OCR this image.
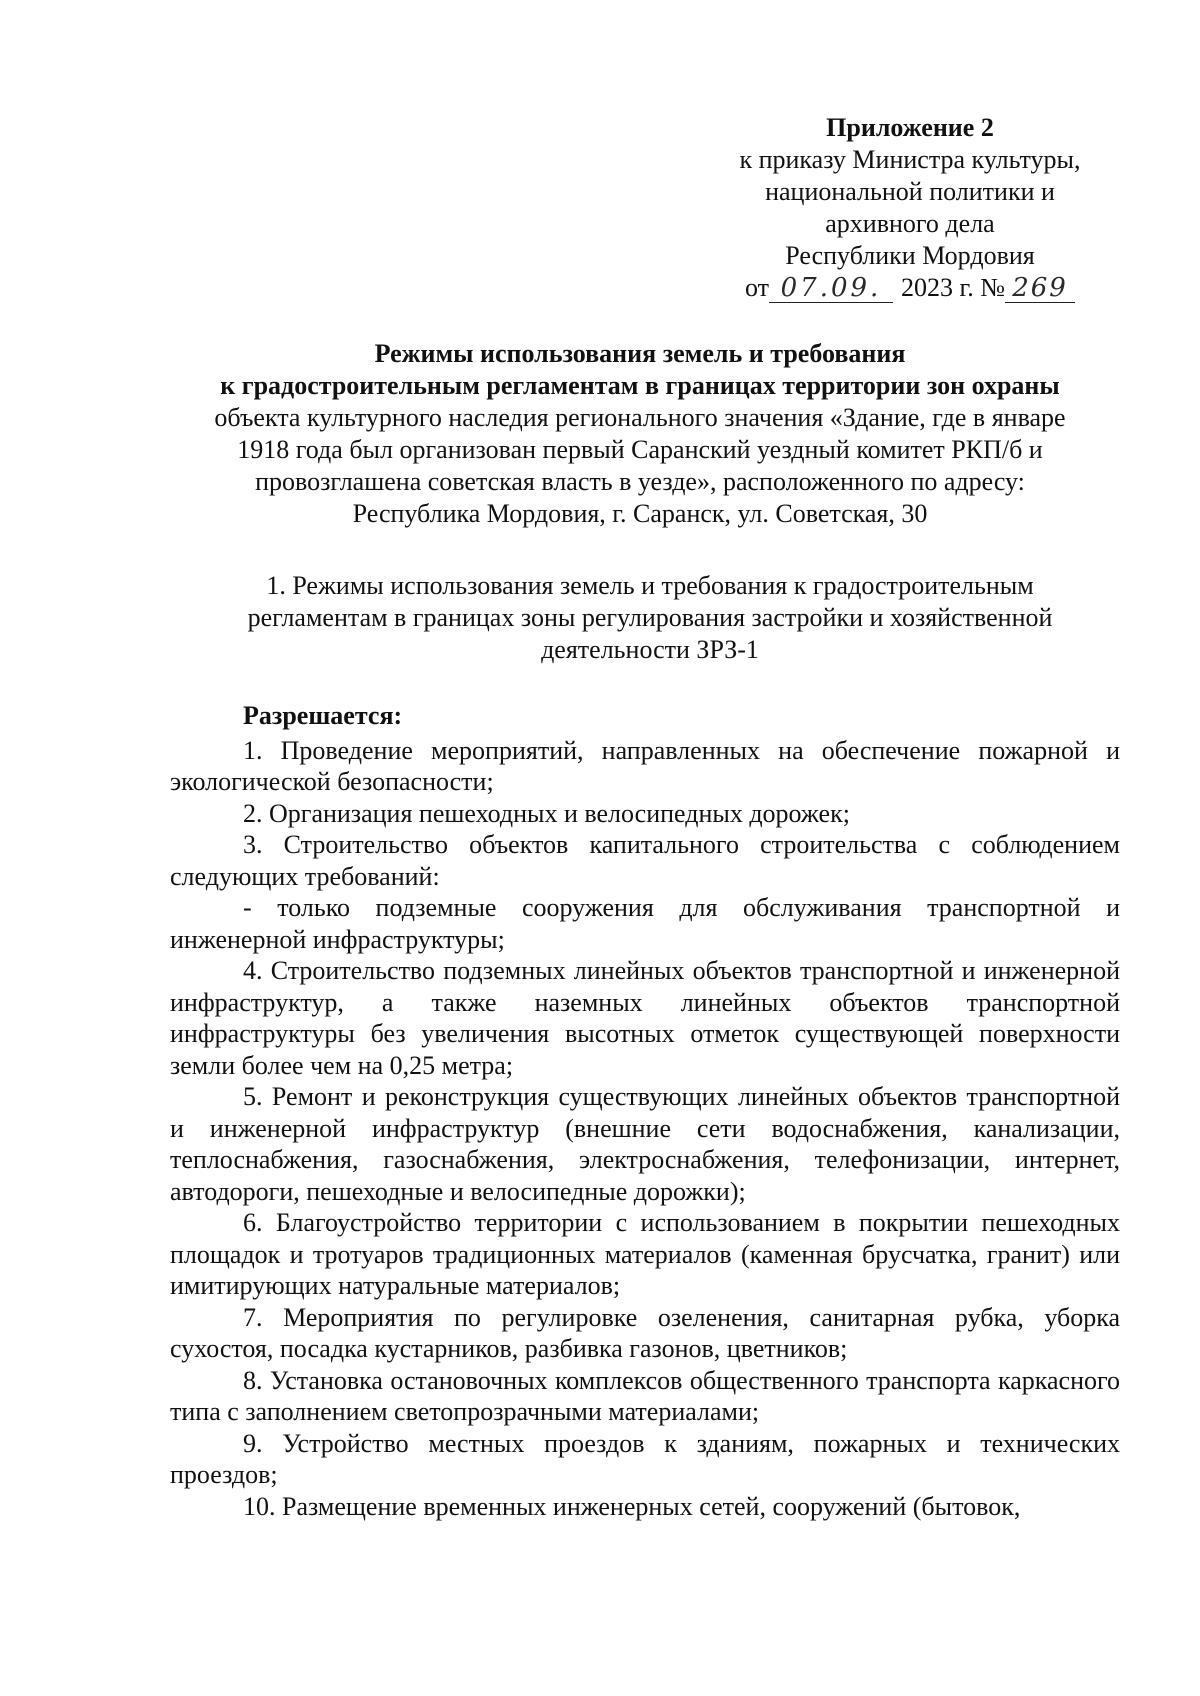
Приложение 2
к приказу Министра культуры,
национальной политики и
архивного дела
Республики Мордовия
от 07.09. 2023 г. № 269
Режимы использования земель и требования
к градостроительным регламентам в границах территории зон охраны
объекта культурного наследия регионального значения «Здание, где в январе
1918 года был организован первый Саранский уездный комитет РКП/б и
провозглашена советская власть в уезде», расположенного по адресу:
Республика Мордовия, г. Саранск, ул. Советская, 30
1. Режимы использования земель и требования к градостроительным
регламентам в границах зоны регулирования застройки и хозяйственной
деятельности ЗРЗ-1

Разрешается:

1. Проведение мероприятий, направленных на обеспечение пожарной и экологической безопасности;

2. Организация пешеходных и велосипедных дорожек;

3. Строительство объектов капитального строительства с соблюдением следующих требований:

- только подземные сооружения для обслуживания транспортной и инженерной инфраструктуры;

4. Строительство подземных линейных объектов транспортной и инженерной инфраструктур, а также наземных линейных объектов транспортной инфраструктуры без увеличения высотных отметок существующей поверхности земли более чем на 0,25 метра;

5. Ремонт и реконструкция существующих линейных объектов транспортной и инженерной инфраструктур (внешние сети водоснабжения, канализации, теплоснабжения, газоснабжения, электроснабжения, телефонизации, интернет, автодороги, пешеходные и велосипедные дорожки);

6. Благоустройство территории с использованием в покрытии пешеходных площадок и тротуаров традиционных материалов (каменная брусчатка, гранит) или имитирующих натуральные материалов;

7. Мероприятия по регулировке озеленения, санитарная рубка, уборка сухостоя, посадка кустарников, разбивка газонов, цветников;

8. Установка остановочных комплексов общественного транспорта каркасного типа с заполнением светопрозрачными материалами;

9. Устройство местных проездов к зданиям, пожарных и технических проездов;

10. Размещение временных инженерных сетей, сооружений (бытовок,
